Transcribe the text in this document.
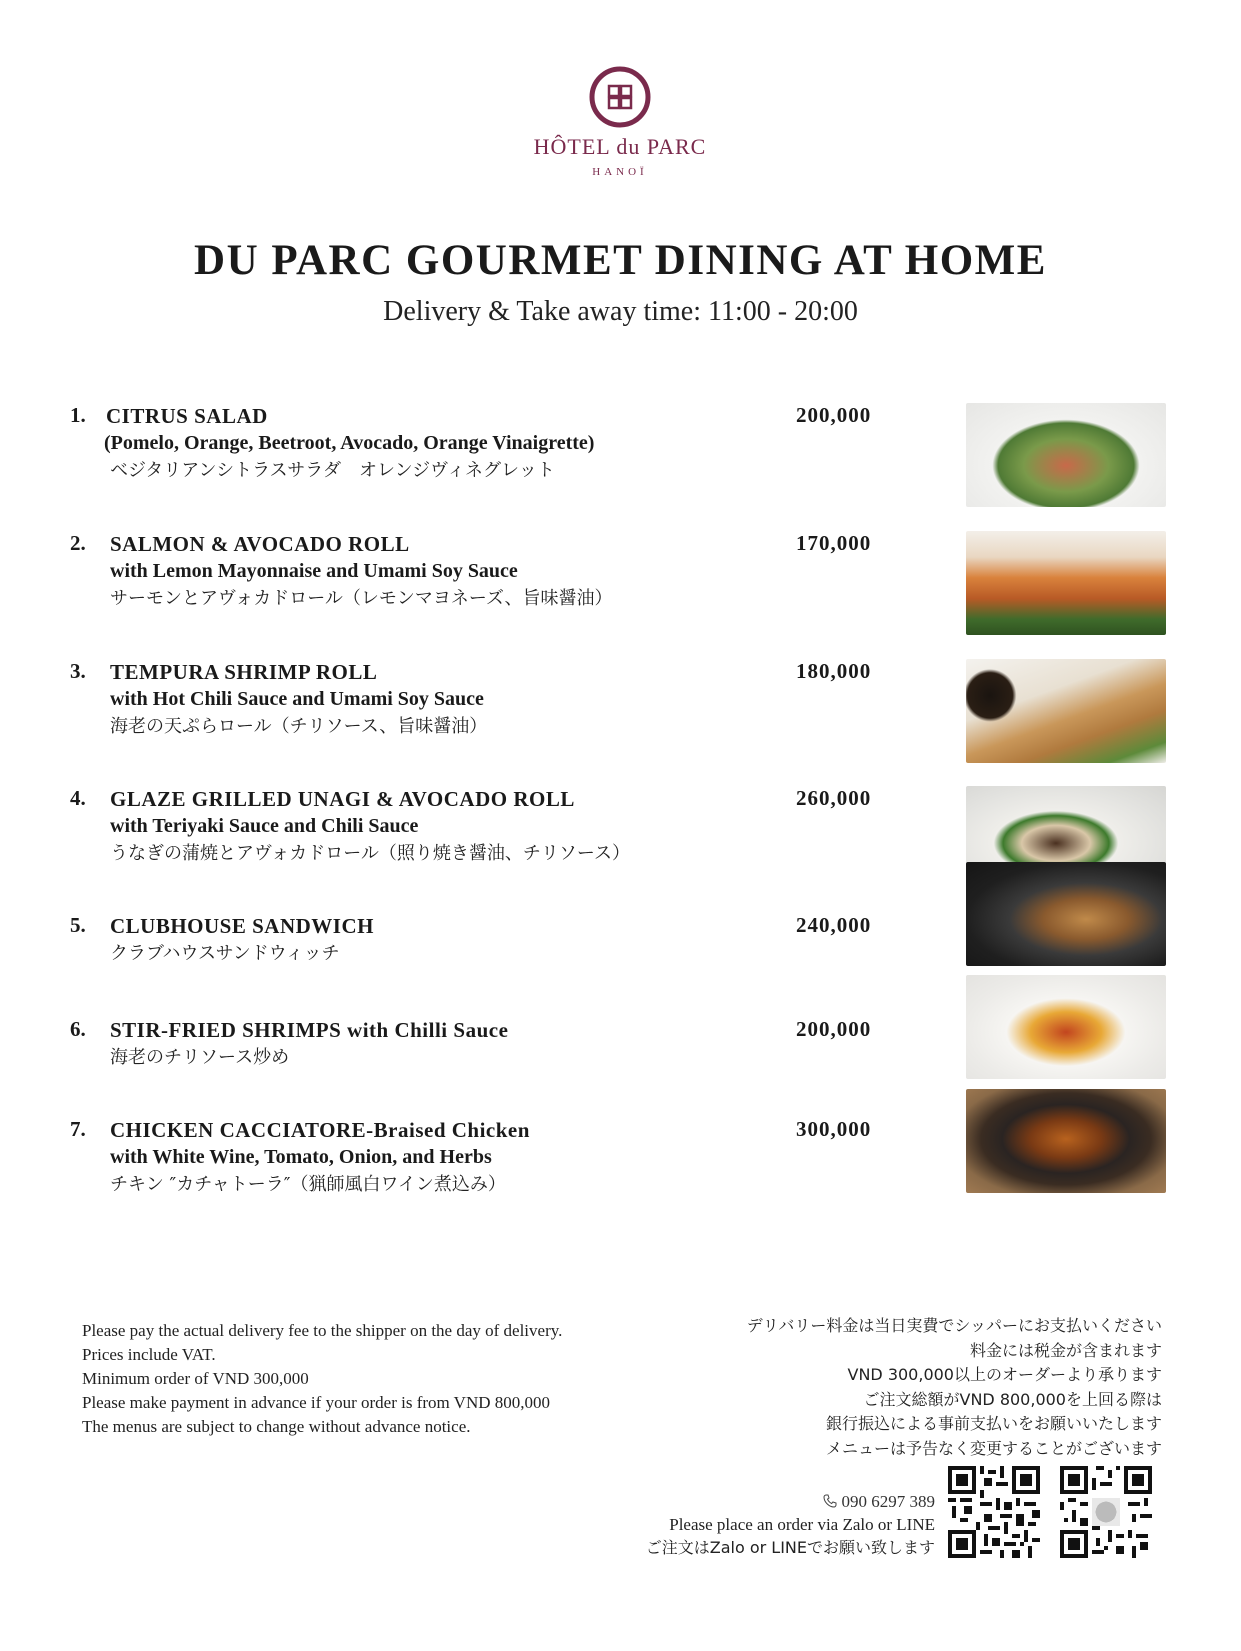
HÔTEL du PARC
HANOÏ
DU PARC GOURMET DINING AT HOME
Delivery & Take away time: 11:00 - 20:00
1. CITRUS SALAD
(Pomelo, Orange, Beetroot, Avocado, Orange Vinaigrette)
ベジタリアンシトラスサラダ　オレンジヴィネグレット
200,000
2. SALMON & AVOCADO ROLL
with Lemon Mayonnaise and Umami Soy Sauce
サーモンとアヴォカドロール（レモンマヨネーズ、旨味醤油）
170,000
3. TEMPURA SHRIMP ROLL
with Hot Chili Sauce and Umami Soy Sauce
海老の天ぷらロール（チリソース、旨味醤油）
180,000
4. GLAZE GRILLED UNAGI & AVOCADO ROLL
with Teriyaki Sauce and Chili Sauce
うなぎの蒲焼とアヴォカドロール（照り焼き醤油、チリソース）
260,000
5. CLUBHOUSE SANDWICH
クラブハウスサンドウィッチ
240,000
6. STIR-FRIED SHRIMPS with Chilli Sauce
海老のチリソース炒め
200,000
7. CHICKEN CACCIATORE-Braised Chicken
with White Wine, Tomato, Onion, and Herbs
チキン ″カチャトーラ″（猟師風白ワイン煮込み）
300,000
Please pay the actual delivery fee to the shipper on the day of delivery.
Prices include VAT.
Minimum order of VND 300,000
Please make payment in advance if your order is from VND 800,000
The menus are subject to change without advance notice.
デリバリー料金は当日実費でシッパーにお支払いください
料金には税金が含まれます
VND 300,000以上のオーダーより承ります
ご注文総額がVND 800,000を上回る際は
銀行振込による事前支払いをお願いいたします
メニューは予告なく変更することがございます
090 6297 389
Please place an order via Zalo or LINE
ご注文はZalo or LINEでお願い致します
